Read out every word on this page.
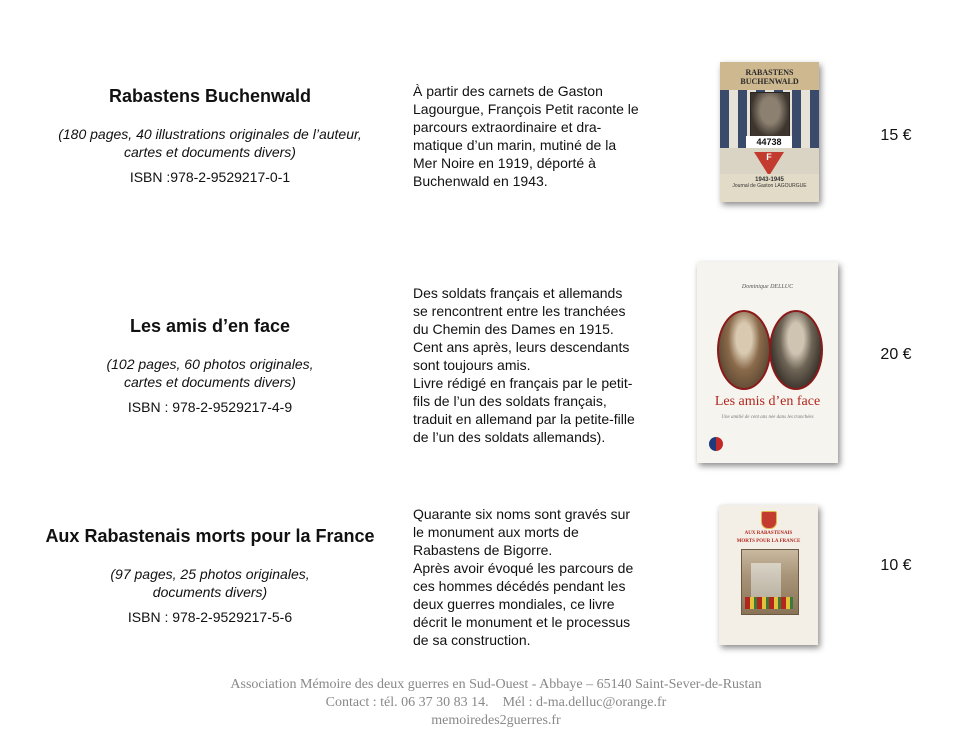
Rabastens Buchenwald
(180 pages, 40 illustrations originales de l’auteur,
cartes et documents divers)
ISBN :978-2-9529217-0-1
À partir des carnets de Gaston
Lagourgue, François Petit raconte le
parcours extraordinaire et dra-
matique d’un marin, mutiné de la
Mer Noire en 1919, déporté à
Buchenwald en 1943.
RABASTENS
BUCHENWALD
44738
F
1943-1945
Journal de Gaston LAGOURGUE
15 €
Les amis d’en face
(102 pages, 60 photos originales,
cartes et documents divers)
ISBN : 978-2-9529217-4-9
Des soldats français et allemands
se rencontrent entre les tranchées
du Chemin des Dames en 1915.
Cent ans après, leurs descendants
sont toujours amis.
Livre rédigé en français par le petit-
fils de l’un des soldats français,
traduit en allemand par la petite-fille
de l’un des soldats allemands).
Dominique DELLUC
Les amis d’en face
Une amitié de cent ans née dans les tranchées
20 €
Aux Rabastenais morts pour la France
(97 pages, 25 photos originales,
documents divers)
ISBN : 978-2-9529217-5-6
Quarante six noms sont gravés sur
le monument aux morts de
Rabastens de Bigorre.
Après avoir évoqué les parcours de
ces hommes décédés pendant les
deux guerres mondiales, ce livre
décrit le monument et le processus
de sa construction.
AUX RABASTENAIS
MORTS POUR LA FRANCE
10 €
Association Mémoire des deux guerres en Sud-Ouest - Abbaye – 65140 Saint-Sever-de-Rustan
Contact : tél. 06 37 30 83 14.    Mél : d-ma.delluc@orange.fr
memoiredes2guerres.fr
